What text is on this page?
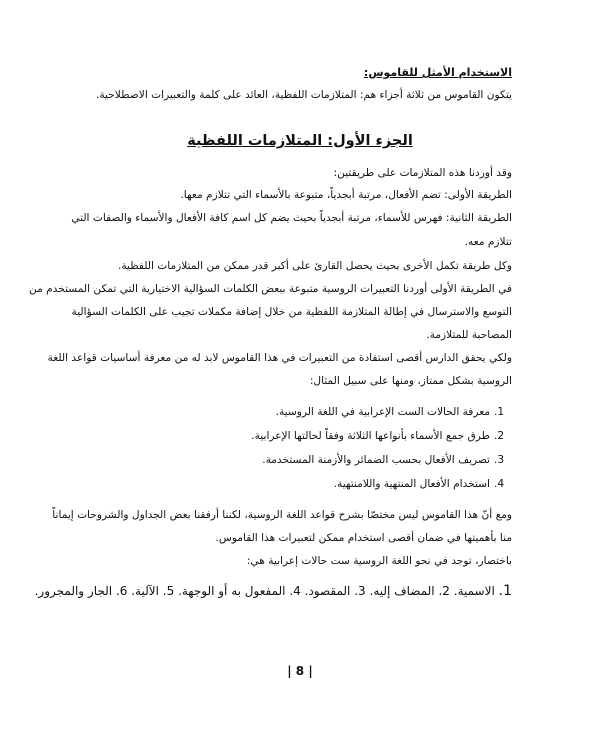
الاستخدام الأمثل للقاموس:
يتكون القاموس من ثلاثة أجزاء هم: المتلازمات اللفظية، العائد على كلمة والتعبيرات الاصطلاحية.
الجزء الأول: المتلازمات اللفظية
وقد أوردنا هذه المتلازمات على طريقتين:
الطريقة الأولى: تضم الأفعال، مرتبة أبجدياً، متبوعة بالأسماء التي تتلازم معها.
الطريقة الثانية: فهرس للأسماء، مرتبة أبجدياً بحيث يضم كل اسم كافة الأفعال والأسماء والصفات التي
تتلازم معه.
وكل طريقة تكمل الأخرى بحيث يحصل القارئ على أكبر قدر ممكن من المتلازمات اللفظية.
في الطريقة الأولى أوردنا التعبيرات الروسية متبوعة ببعض الكلمات السؤالية الاختيارية التي تمكن المستخدم من
التوسع والاسترسال في إطالة المتلازمة اللفظية من خلال إضافة مكملات تجيب على الكلمات السؤالية
المصاحبة للمتلازمة.
ولكي يحقق الدارس أقصى استفادة من التعبيرات في هذا القاموس لابد له من معرفة أساسيات قواعد اللغة
الروسية بشكل ممتاز، ومنها على سبيل المثال:
1.معرفة الحالات الست الإعرابية في اللغة الروسية.
2.طرق جمع الأسماء بأنواعها الثلاثة وفقاً لحالتها الإعرابية.
3.تصريف الأفعال بحسب الضمائر والأزمنة المستخدمة.
4.استخدام الأفعال المنتهية واللامنتهية.
ومع أنّ هذا القاموس ليس مختصّا بشرح قواعد اللغة الروسية، لكننا أرفقنا بعض الجداول والشروحات إيماناً
منا بأهميتها في ضمان أقصى استخدام ممكن لتعبيرات هذا القاموس.
باختصار، توجد في نحو اللغة الروسية ست حالات إعرابية هي:
1. الاسمية. 2. المضاف إليه. 3. المقصود. 4. المفعول به أو الوجهة. 5. الآلية. 6. الجار والمجرور.
| 8 |
